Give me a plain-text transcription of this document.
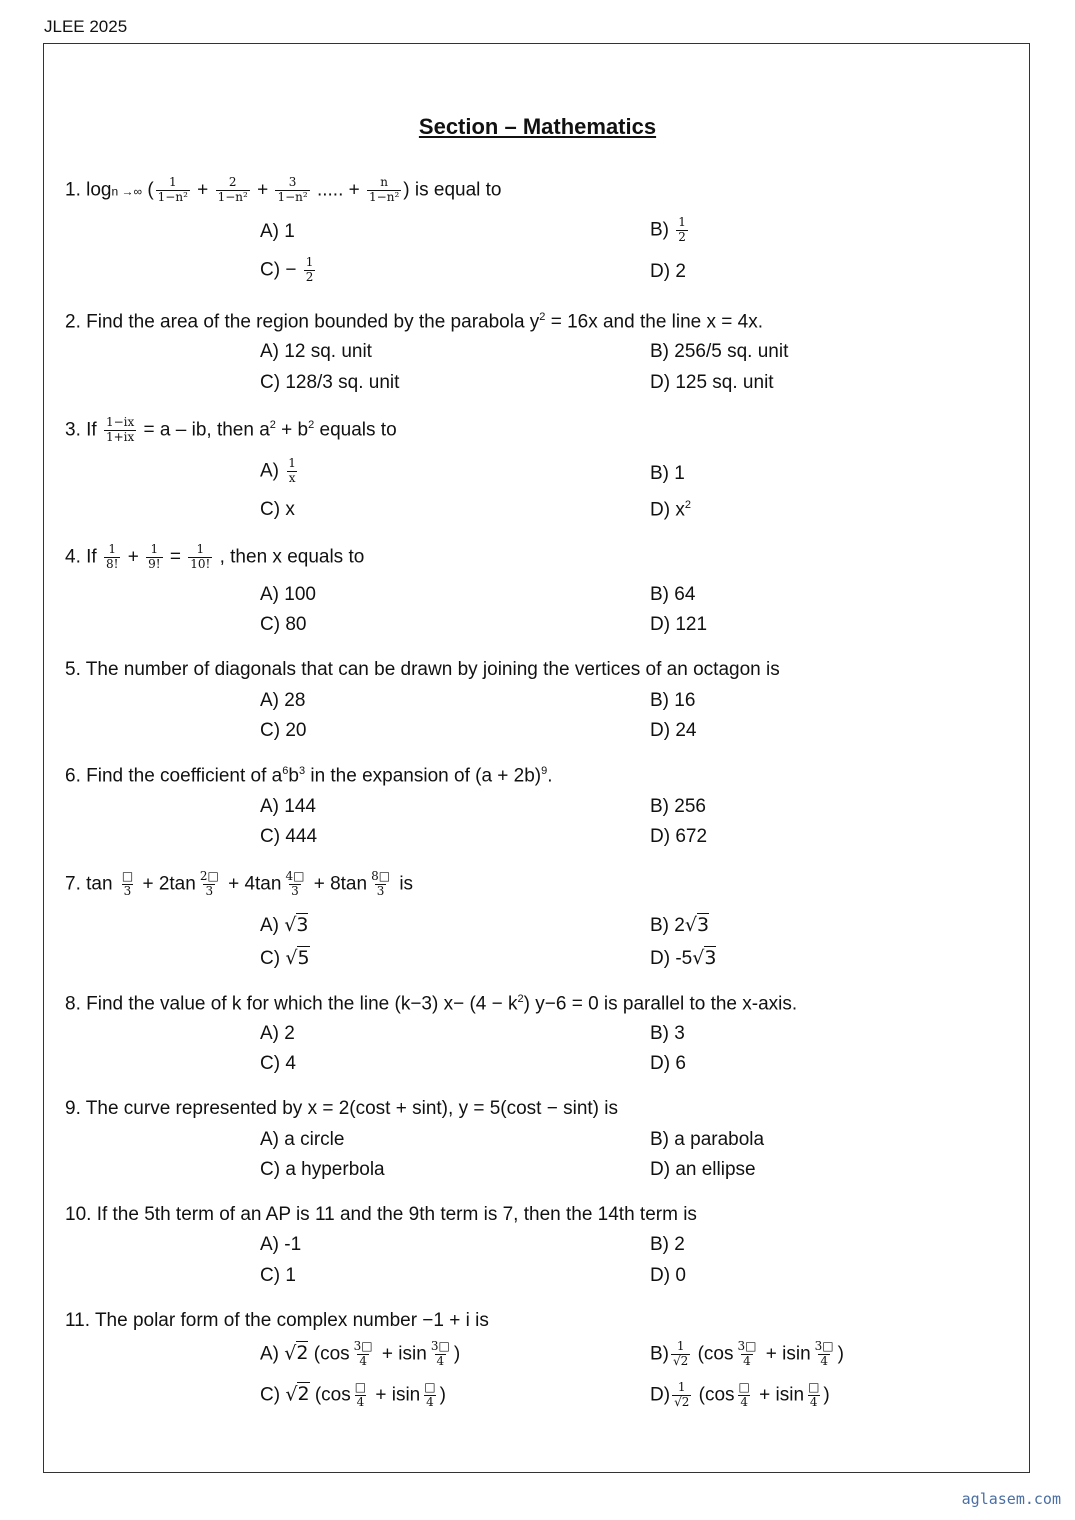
JLEE 2025
Section – Mathematics
1. logn →∞ ( $\frac{1}{\text{1−n²}} + \frac{2}{\text{1−n²}} + \frac{3}{\text{1−n²}}$ ..... + $\frac{n}{\text{1−n²}}$ ) is equal to
A) 1	$B) \frac{1}{2}$
$C) - \frac{1}{2}$	D) 2
2. Find the area of the region bounded by the parabola $y^2 = 16x$ and the line x = 4x.
A) 12 sq. unit	B) 256/5 sq. unit
C) 128/3 sq. unit	D) 125 sq. unit
3. If $\frac{1-ix}{1+ix} = a$ – ib, then $a^2 + b^2$ equals to
$A) \frac{1}{x}$	B) 1
C) x	D) $x^2$
4. If $\frac{1}{8!} + \frac{1}{9!} = \frac{1}{10!}$ , then x equals to
A) 100	B) 64
C) 80	D) 121
5. The number of diagonals that can be drawn by joining the vertices of an octagon is
A) 28	B) 16
C) 20	D) 24
6. Find the coefficient of $a^6b^3$ in the expansion of $(a + 2b)^9$.
A) 144	B) 256
C) 444	D) 672
7. $\tan \frac{□}{3} + 2\tan \frac{2□}{3} + 4\tan \frac{4□}{3} + 8\tan \frac{8□}{3}$ is
A) √3	B) 2√3
C) √5	D) -5√3
8. Find the value of k for which the line (k−3) $x- (4 - k^2)$ y−6 = 0 is parallel to the x-axis.
A) 2	B) 3
C) 4	D) 6
9. The curve represented by x = 2(cost + sint), y = 5(cost − sint) is
A) a circle	B) a parabola
C) a hyperbola	D) an ellipse
10. If the 5th term of an AP is 11 and the 9th term is 7, then the 14th term is
A) -1	B) 2
C) 1	D) 0
11. The polar form of the complex number −1 + i is
A) √2 ($\cos \frac{3□}{4} + isin \frac{3□}{4}$ )	$B) \frac{1}{√2} (\cos \frac{3□}{4} + isin \frac{3□}{4}$ )
C) √2 ($\cos \frac{□}{4} + isin \frac{□}{4}$ )	$D) \frac{1}{√2} (\cos \frac{□}{4} + isin \frac{□}{4}$ )
aglasem.com
